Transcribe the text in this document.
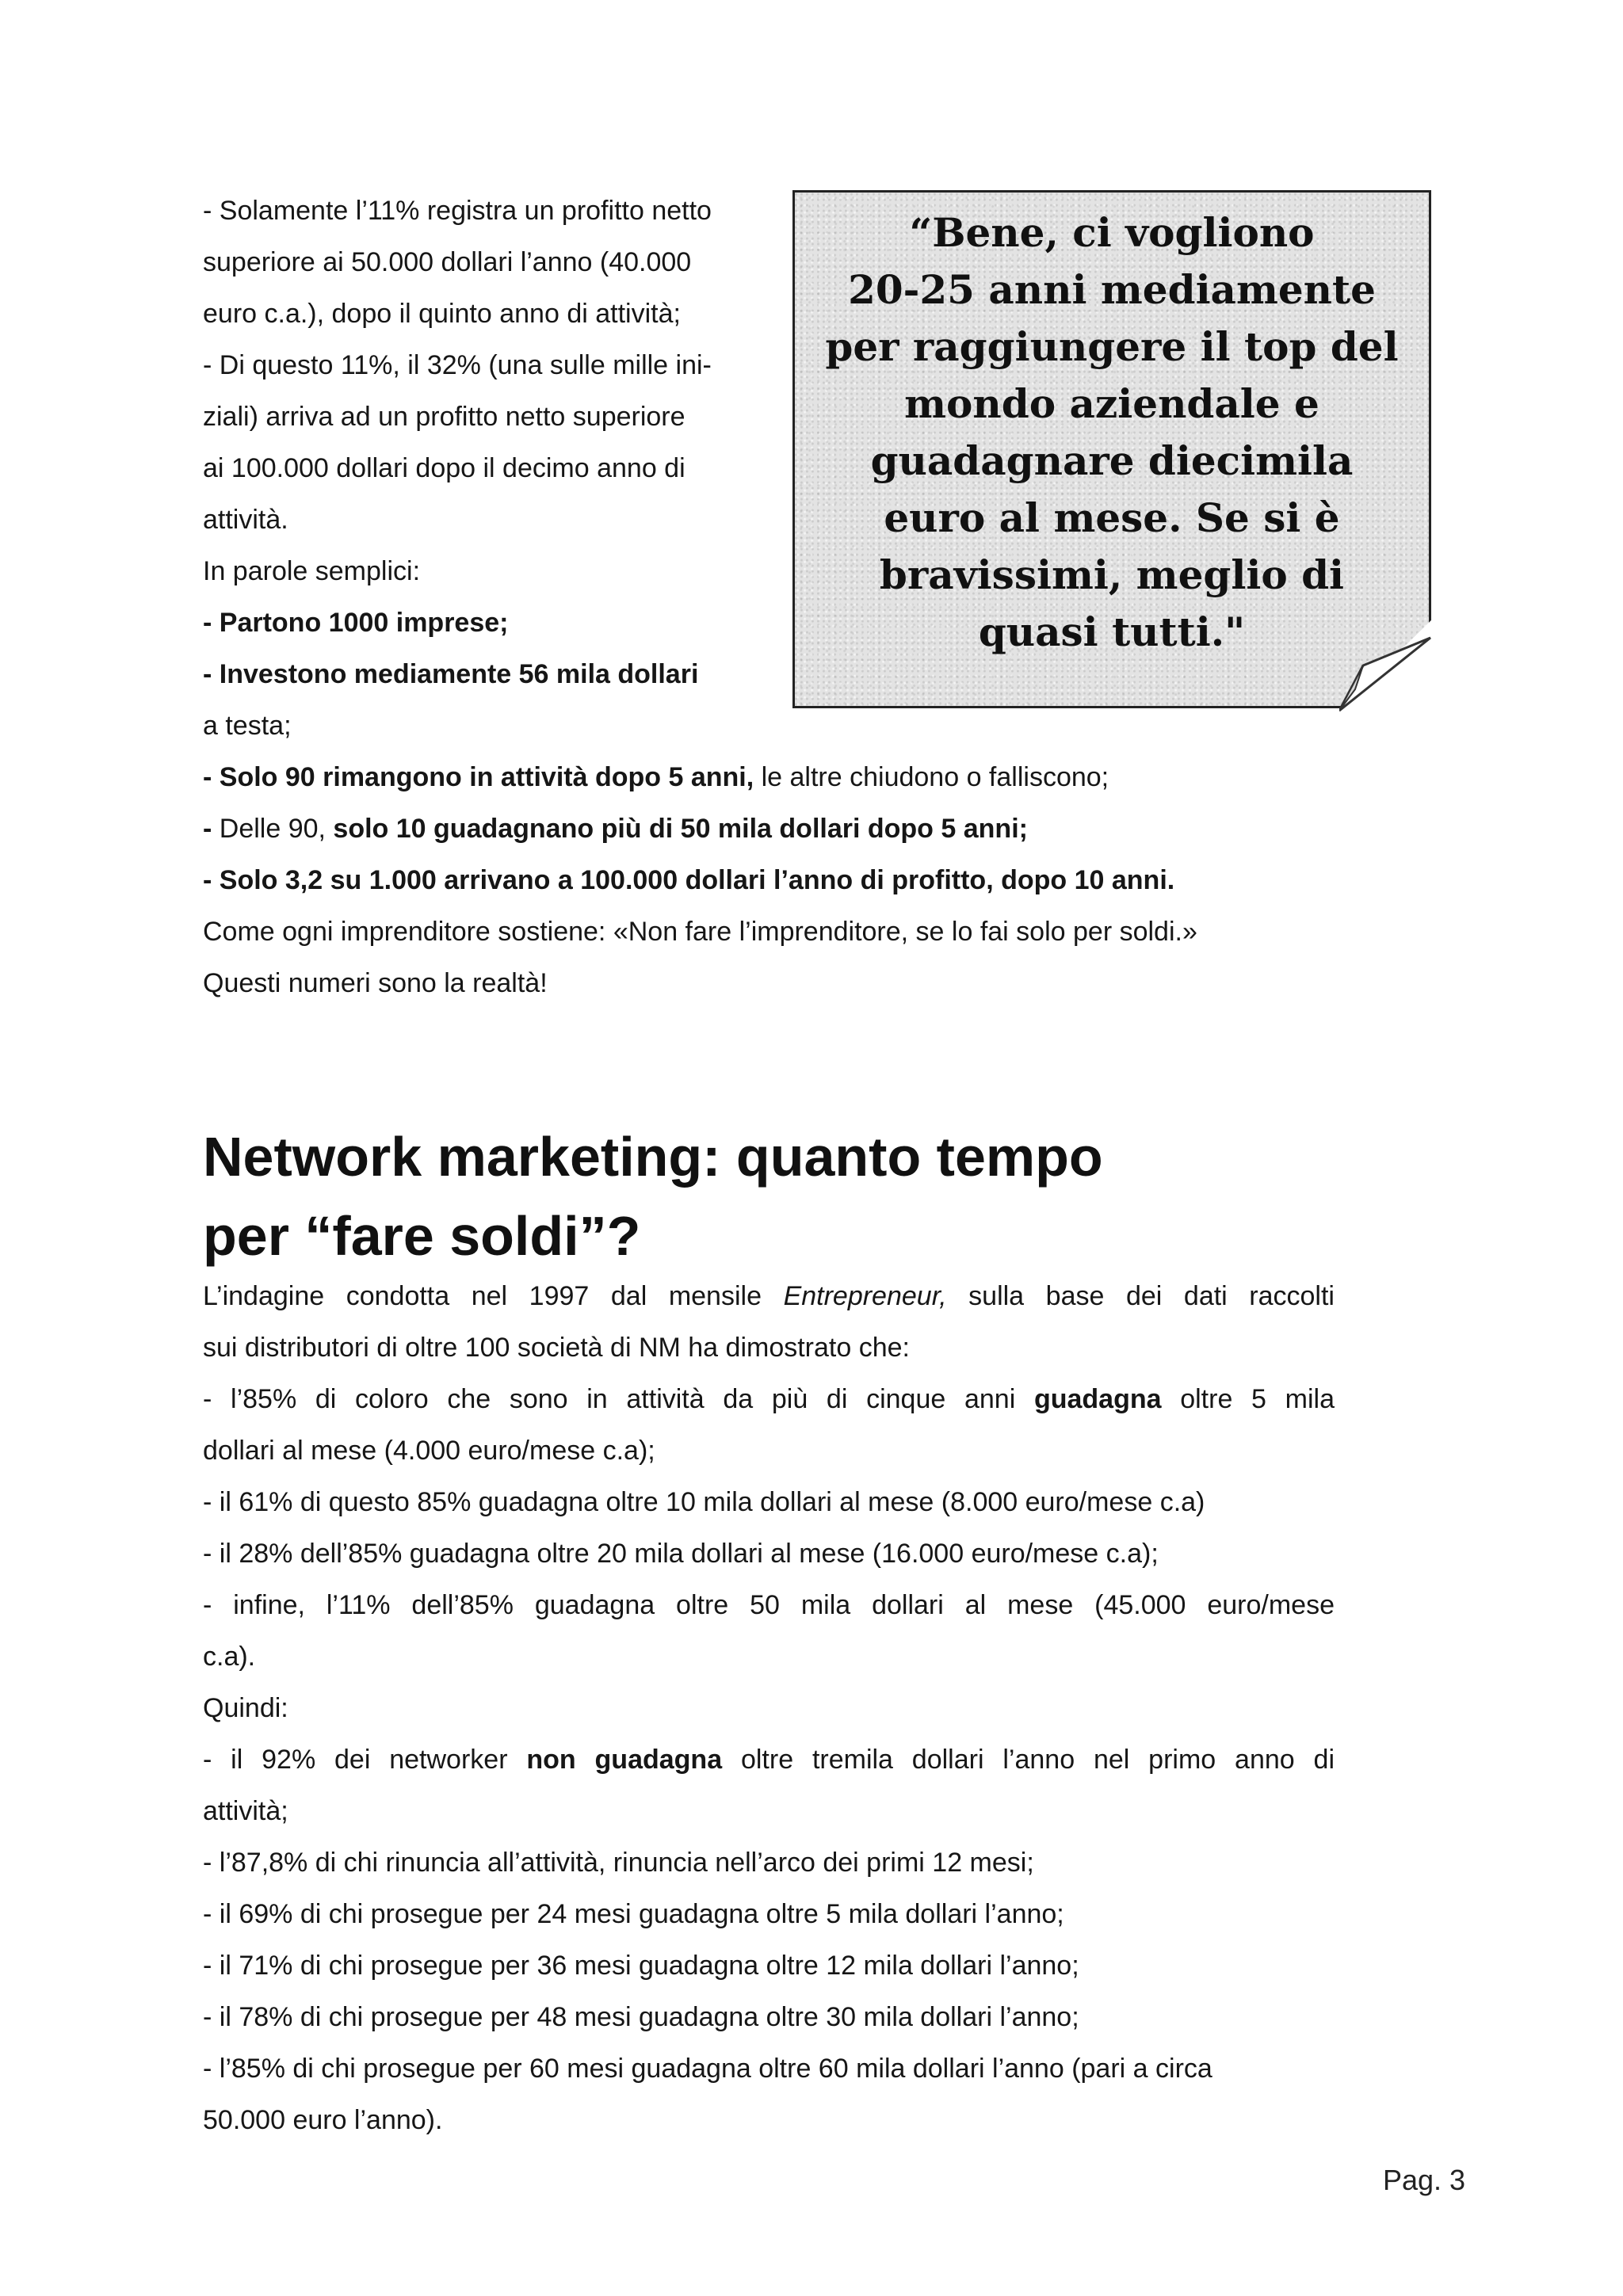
“Bene, ci vogliono
20-25 anni mediamente
per raggiungere il top del
mondo aziendale e
guadagnare diecimila
euro al mese. Se si è
bravissimi, meglio di
quasi tutti."
- Solamente l’11% registra un profitto netto
superiore ai 50.000 dollari l’anno (40.000
euro c.a.), dopo il quinto anno di attività;
- Di questo 11%, il 32% (una sulle mille ini-
ziali) arriva ad un profitto netto superiore
ai 100.000 dollari dopo il decimo anno di
attività.
In parole semplici:
- Partono 1000 imprese;
- Investono mediamente 56 mila dollari
a testa;
- Solo 90 rimangono in attività dopo 5 anni, le altre chiudono o falliscono;
- Delle 90, solo 10 guadagnano più di 50 mila dollari dopo 5 anni;
- Solo 3,2 su 1.000 arrivano a 100.000 dollari l’anno di profitto, dopo 10 anni.
Come ogni imprenditore sostiene: «Non fare l’imprenditore, se lo fai solo per soldi.»
Questi numeri sono la realtà!
Network marketing: quanto tempo
per “fare soldi”?
L’indagine condotta nel 1997 dal mensile Entrepreneur, sulla base dei dati raccolti
sui distributori di oltre 100 società di NM ha dimostrato che:
- l’85% di coloro che sono in attività da più di cinque anni guadagna oltre 5 mila
dollari al mese (4.000 euro/mese c.a);
- il 61% di questo 85% guadagna oltre 10 mila dollari al mese (8.000 euro/mese c.a)
- il 28% dell’85% guadagna oltre 20 mila dollari al mese (16.000 euro/mese c.a);
- infine, l’11% dell’85% guadagna oltre 50 mila dollari al mese (45.000 euro/mese
c.a).
Quindi:
- il 92% dei networker non guadagna oltre tremila dollari l’anno nel primo anno di
attività;
- l’87,8% di chi rinuncia all’attività, rinuncia nell’arco dei primi 12 mesi;
- il 69% di chi prosegue per 24 mesi guadagna oltre 5 mila dollari l’anno;
- il 71% di chi prosegue per 36 mesi guadagna oltre 12 mila dollari l’anno;
- il 78% di chi prosegue per 48 mesi guadagna oltre 30 mila dollari l’anno;
- l’85% di chi prosegue per 60 mesi guadagna oltre 60 mila dollari l’anno (pari a circa
50.000 euro l’anno).
Pag. 3
